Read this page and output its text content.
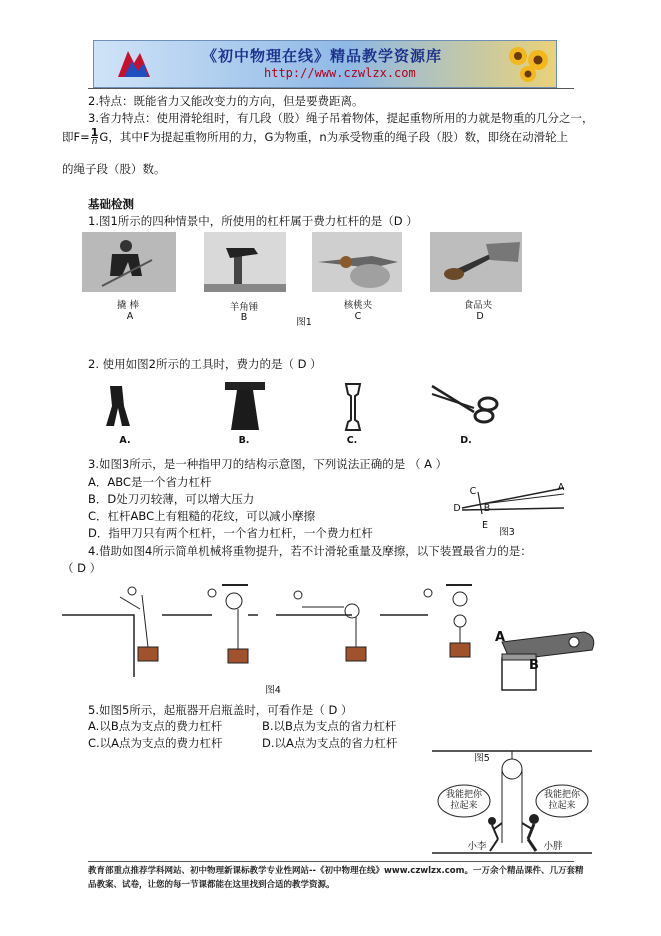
《初中物理在线》精品教学资源库
http://www.czwlzx.com
2.特点：既能省力又能改变力的方向，但是要费距离。
3.省力特点：使用滑轮组时，有几段（股）绳子吊着物体，提起重物所用的力就是物重的几分之一，
即$F= \frac{1}{n}G$，其中F为提起重物所用的力，G为物重，n为承受物重的绳子段（股）数，即绕在动滑轮上
的绳子段（股）数。
基础检测
1.图1所示的四种情景中，所使用的杠杆属于费力杠杆的是（D ）
撬 棒	羊角锤	核桃夹	食品夹
A	B	C	D
图1
2. 使用如图2所示的工具时，费力的是（ D ）
A.	B.	C.	D.
3.如图3所示，是一种指甲刀的结构示意图，下列说法正确的是 （ A ）
A．ABC是一个省力杠杆
B．D处刀刃较薄，可以增大压力
C．杠杆ABC上有粗糙的花纹，可以减小摩擦
D．指甲刀只有两个杠杆，一个省力杠杆，一个费力杠杆
C	A
B
D
E
图3
4.借助如图4所示简单机械将重物提升，若不计滑轮重量及摩擦，以下装置最省力的是：
（ D ）
图4
A
B
5.如图5所示，起瓶器开启瓶盖时，可看作是（ D ）
A.以B点为支点的费力杠杆	B.以B点为支点的省力杠杆
C.以A点为支点的费力杠杆	D.以A点为支点的省力杠杆
图5
我能把你拉起来
我能把你拉起来
小李	小胖
教育部重点推荐学科网站、初中物理新课标教学专业性网站--《初中物理在线》www.czwlzx.com。一万余个精品课件、几万套精品教案、试卷，让您的每一节课都能在这里找到合适的教学资源。
